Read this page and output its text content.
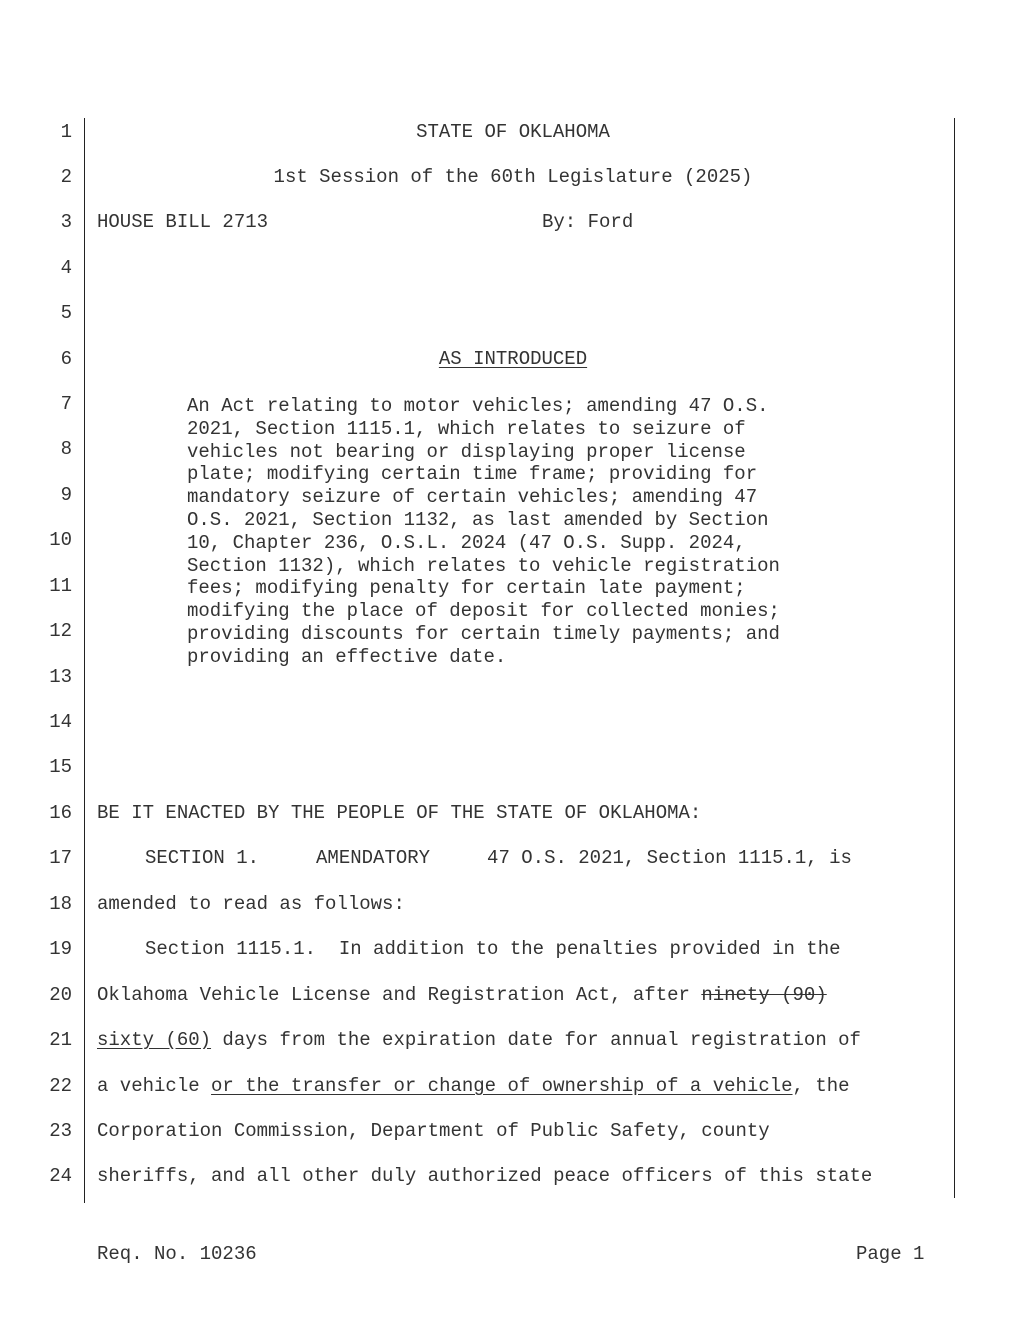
1
2
3
4
5
6
7
8
9
10
11
12
13
14
15
16
17
18
19
20
21
22
23
24
STATE OF OKLAHOMA
1st Session of the 60th Legislature (2025)
HOUSE BILL 2713	By: Ford
AS INTRODUCED
An Act relating to motor vehicles; amending 47 O.S.
2021, Section 1115.1, which relates to seizure of
vehicles not bearing or displaying proper license
plate; modifying certain time frame; providing for
mandatory seizure of certain vehicles; amending 47
O.S. 2021, Section 1132, as last amended by Section
10, Chapter 236, O.S.L. 2024 (47 O.S. Supp. 2024,
Section 1132), which relates to vehicle registration
fees; modifying penalty for certain late payment;
modifying the place of deposit for collected monies;
providing discounts for certain timely payments; and
providing an effective date.
BE IT ENACTED BY THE PEOPLE OF THE STATE OF OKLAHOMA:
SECTION 1.     AMENDATORY     47 O.S. 2021, Section 1115.1, is
amended to read as follows:
Section 1115.1.  In addition to the penalties provided in the
Oklahoma Vehicle License and Registration Act, after ninety (90)
sixty (60) days from the expiration date for annual registration of
a vehicle or the transfer or change of ownership of a vehicle, the
Corporation Commission, Department of Public Safety, county
sheriffs, and all other duly authorized peace officers of this state
Req. No. 10236	Page 1
